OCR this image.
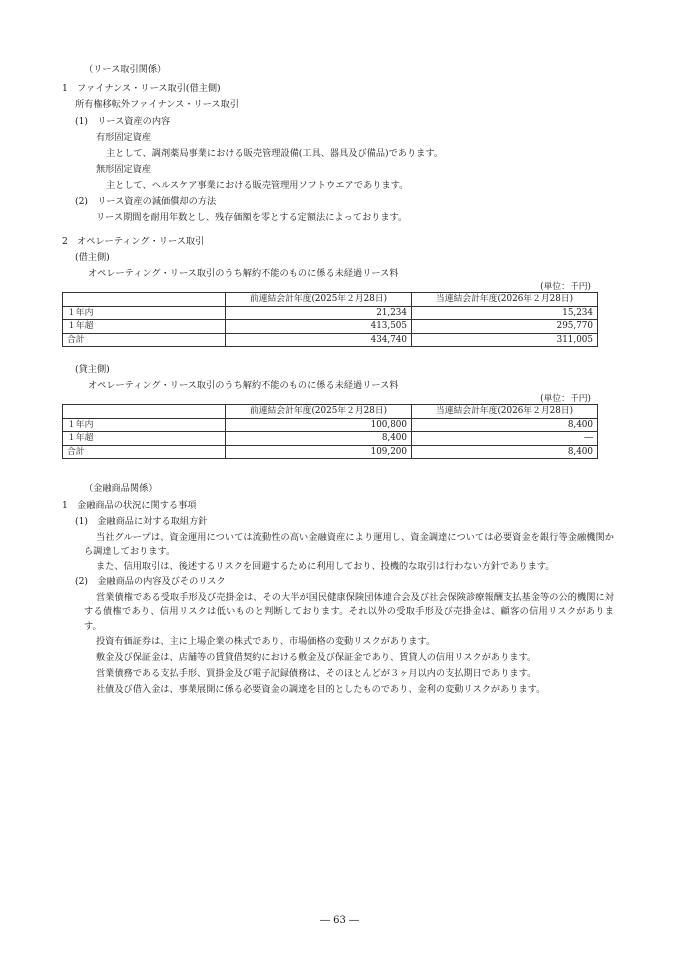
（リース取引関係）
1　ファイナンス・リース取引(借主側)
所有権移転外ファイナンス・リース取引
(1)　リース資産の内容
有形固定資産
主として、調剤薬局事業における販売管理設備(工具、器具及び備品)であります。
無形固定資産
主として、ヘルスケア事業における販売管理用ソフトウエアであります。
(2)　リース資産の減価償却の方法
リース期間を耐用年数とし、残存価額を零とする定額法によっております。
2　オペレーティング・リース取引
(借主側)
オペレーティング・リース取引のうち解約不能のものに係る未経過リース料
(単位：千円)
	前連結会計年度(2025年２月28日)	当連結会計年度(2026年２月28日)
１年内	21,234	15,234
１年超	413,505	295,770
合計	434,740	311,005
(貸主側)
オペレーティング・リース取引のうち解約不能のものに係る未経過リース料
(単位：千円)
	前連結会計年度(2025年２月28日)	当連結会計年度(2026年２月28日)
１年内	100,800	8,400
１年超	8,400	―
合計	109,200	8,400
（金融商品関係）
1　金融商品の状況に関する事項
(1)　金融商品に対する取組方針
当社グループは、資金運用については流動性の高い金融資産により運用し、資金調達については必要資金を銀行等金融機関から調達しております。
また、信用取引は、後述するリスクを回避するために利用しており、投機的な取引は行わない方針であります。
(2)　金融商品の内容及びそのリスク
営業債権である受取手形及び売掛金は、その大半が国民健康保険団体連合会及び社会保険診療報酬支払基金等の公的機関に対する債権であり、信用リスクは低いものと判断しております。それ以外の受取手形及び売掛金は、顧客の信用リスクがあります。
投資有価証券は、主に上場企業の株式であり、市場価格の変動リスクがあります。
敷金及び保証金は、店舗等の賃貸借契約における敷金及び保証金であり、賃貸人の信用リスクがあります。
営業債務である支払手形、買掛金及び電子記録債務は、そのほとんどが３ヶ月以内の支払期日であります。
社債及び借入金は、事業展開に係る必要資金の調達を目的としたものであり、金利の変動リスクがあります。
― 63 ―
